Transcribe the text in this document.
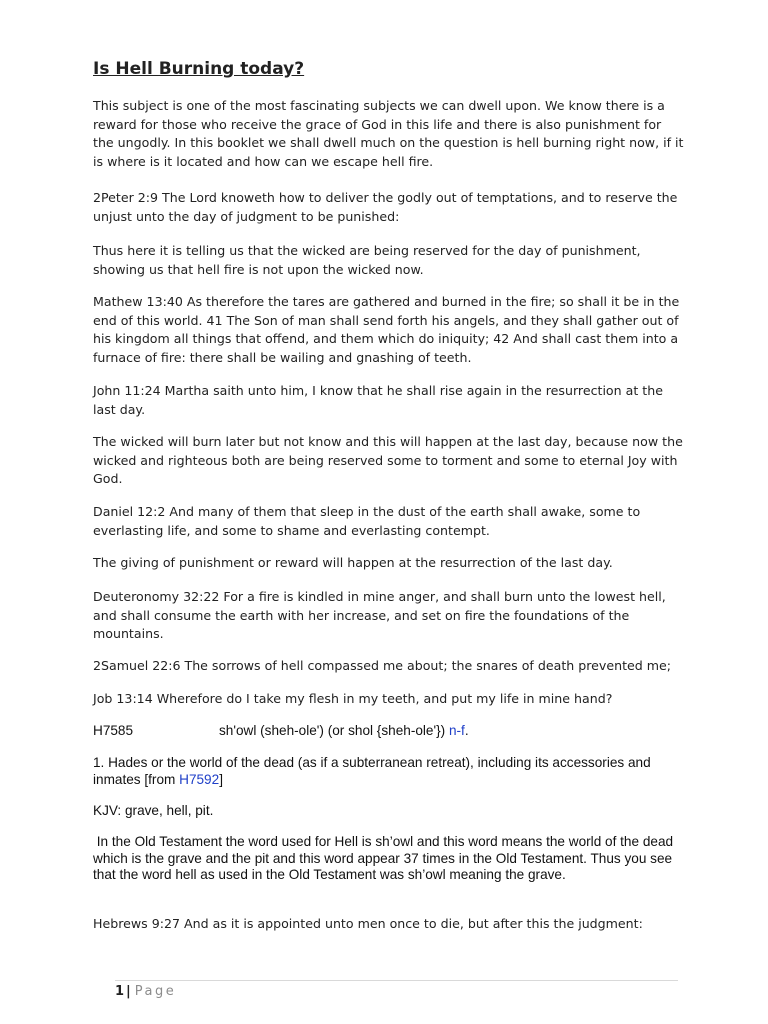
Is Hell Burning today?

This subject is one of the most fascinating subjects we can dwell upon. We know there is a reward for those who receive the grace of God in this life and there is also punishment for the ungodly. In this booklet we shall dwell much on the question is hell burning right now, if it is where is it located and how can we escape hell fire.

2Peter 2:9 The Lord knoweth how to deliver the godly out of temptations, and to reserve the unjust unto the day of judgment to be punished:

Thus here it is telling us that the wicked are being reserved for the day of punishment, showing us that hell fire is not upon the wicked now.

Mathew 13:40 As therefore the tares are gathered and burned in the fire; so shall it be in the end of this world. 41 The Son of man shall send forth his angels, and they shall gather out of his kingdom all things that offend, and them which do iniquity; 42 And shall cast them into a furnace of fire: there shall be wailing and gnashing of teeth.

John 11:24 Martha saith unto him, I know that he shall rise again in the resurrection at the last day.

The wicked will burn later but not know and this will happen at the last day, because now the wicked and righteous both are being reserved some to torment and some to eternal Joy with God.

Daniel 12:2 And many of them that sleep in the dust of the earth shall awake, some to everlasting life, and some to shame and everlasting contempt.

The giving of punishment or reward will happen at the resurrection of the last day.

Deuteronomy 32:22 For a fire is kindled in mine anger, and shall burn unto the lowest hell, and shall consume the earth with her increase, and set on fire the foundations of the mountains.

2Samuel 22:6 The sorrows of hell compassed me about; the snares of death prevented me;

Job 13:14 Wherefore do I take my flesh in my teeth, and put my life in mine hand?

H7585	sh'owl (sheh-ole') (or shol {sheh-ole'}) n-f.

1. Hades or the world of the dead (as if a subterranean retreat), including its accessories and inmates [from H7592]

KJV: grave, hell, pit.

In the Old Testament the word used for Hell is sh’owl and this word means the world of the dead which is the grave and the pit and this word appear 37 times in the Old Testament. Thus you see that the word hell as used in the Old Testament was sh’owl meaning the grave.

Hebrews 9:27 And as it is appointed unto men once to die, but after this the judgment:

1 | Page
